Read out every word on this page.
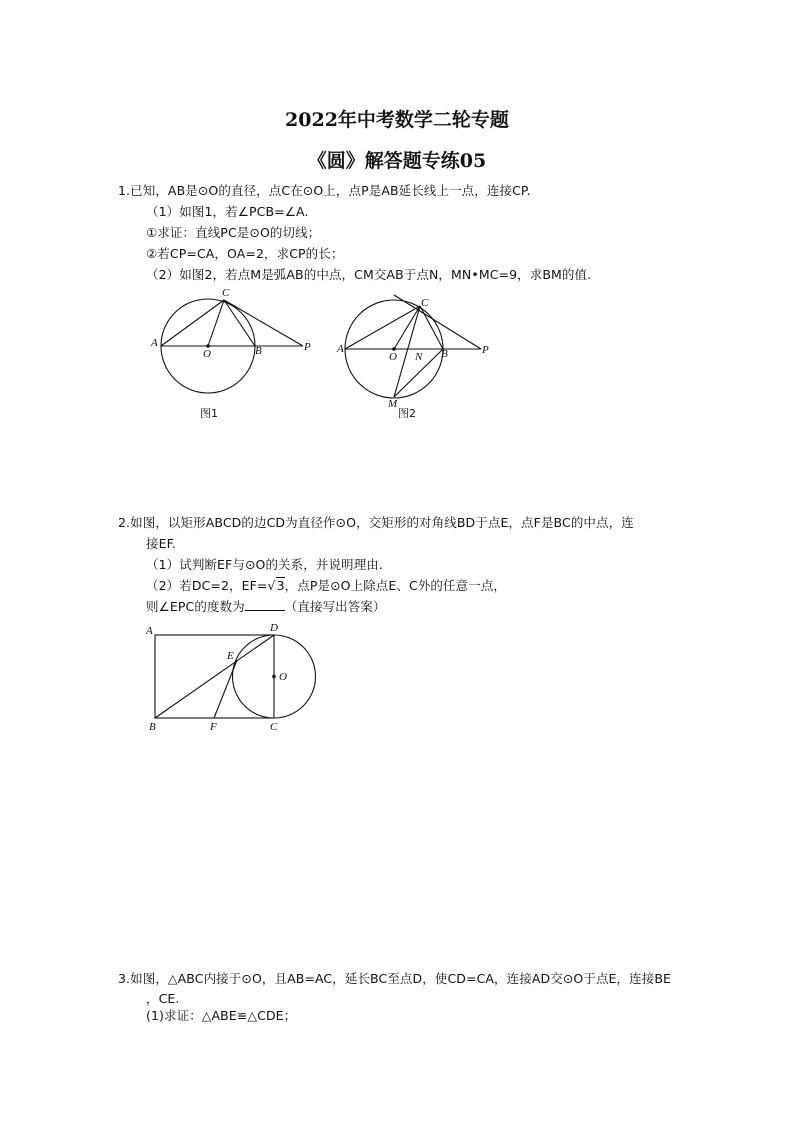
2022年中考数学二轮专题
《圆》解答题专练05
1.已知，AB是⊙O的直径，点C在⊙O上，点P是AB延长线上一点，连接CP.
（1）如图1，若∠PCB=∠A.
①求证：直线PC是⊙O的切线；
②若CP=CA，OA=2，求CP的长；
（2）如图2，若点M是弧AB的中点，CM交AB于点N，MN•MC=9，求BM的值.
A
O	B
C
P
图1
A
O N B
C
P
M
图2
2.如图，以矩形ABCD的边CD为直径作⊙O，交矩形的对角线BD于点E，点F是BC的中点，连
接EF.
（1）试判断EF与⊙O的关系，并说明理由.
（2）若DC=2，EF=√3，点P是⊙O上除点E、C外的任意一点，
则∠EPC的度数为	（直接写出答案）
A	D
E
O
B	F	C
3.如图，△ABC内接于⊙O，且AB=AC，延长BC至点D，使CD=CA，连接AD交⊙O于点E，连接BE
，CE.
(1)求证：△ABE≌△CDE；
